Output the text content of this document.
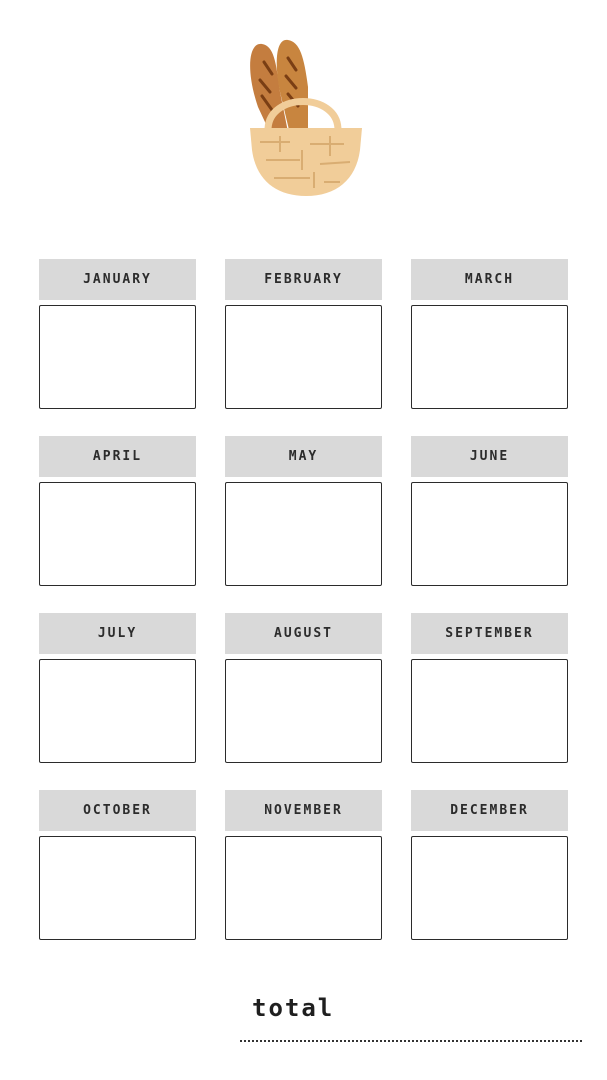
JANUARY	FEBRUARY	MARCH
APRIL	MAY	JUNE
JULY	AUGUST	SEPTEMBER
OCTOBER	NOVEMBER	DECEMBER
total
